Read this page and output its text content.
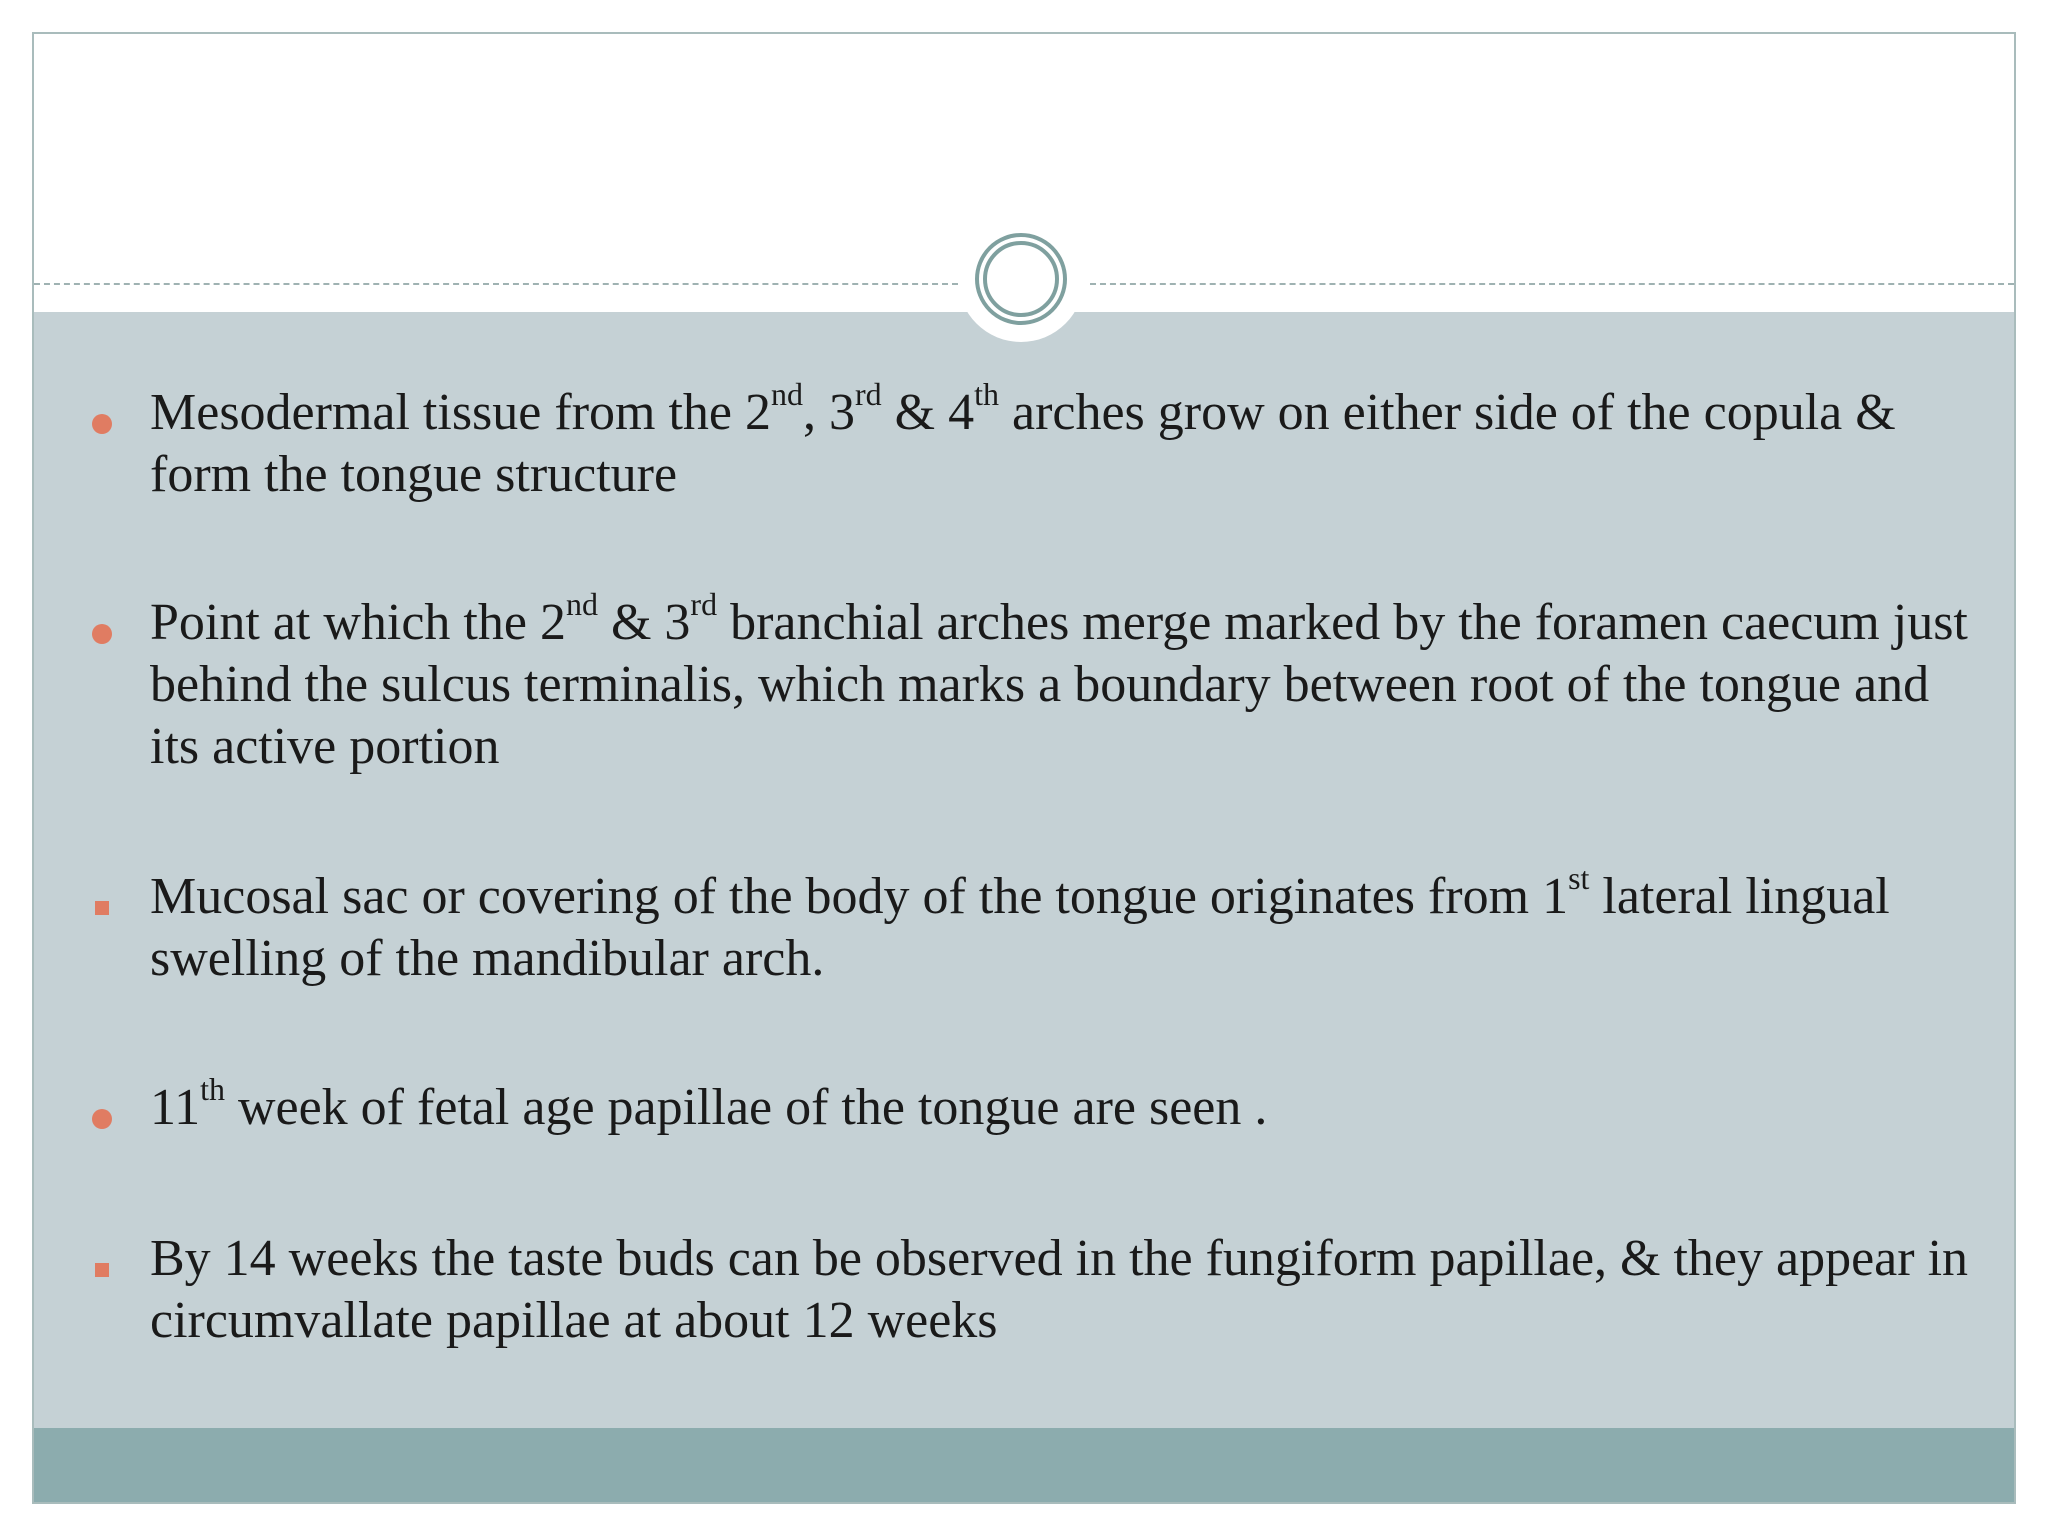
Mesodermal tissue from the 2nd, 3rd & 4th arches grow on either side of the copula & form the tongue structure

Point at which the 2nd & 3rd branchial arches merge marked by the foramen caecum just behind the sulcus terminalis, which marks a boundary between root of the tongue and its active portion

Mucosal sac or covering of the body of the tongue originates from 1st lateral lingual swelling of the mandibular arch.

11th week of fetal age papillae of the tongue are seen .

By 14 weeks the taste buds can be observed in the fungiform papillae, & they appear in circumvallate papillae at about 12 weeks
